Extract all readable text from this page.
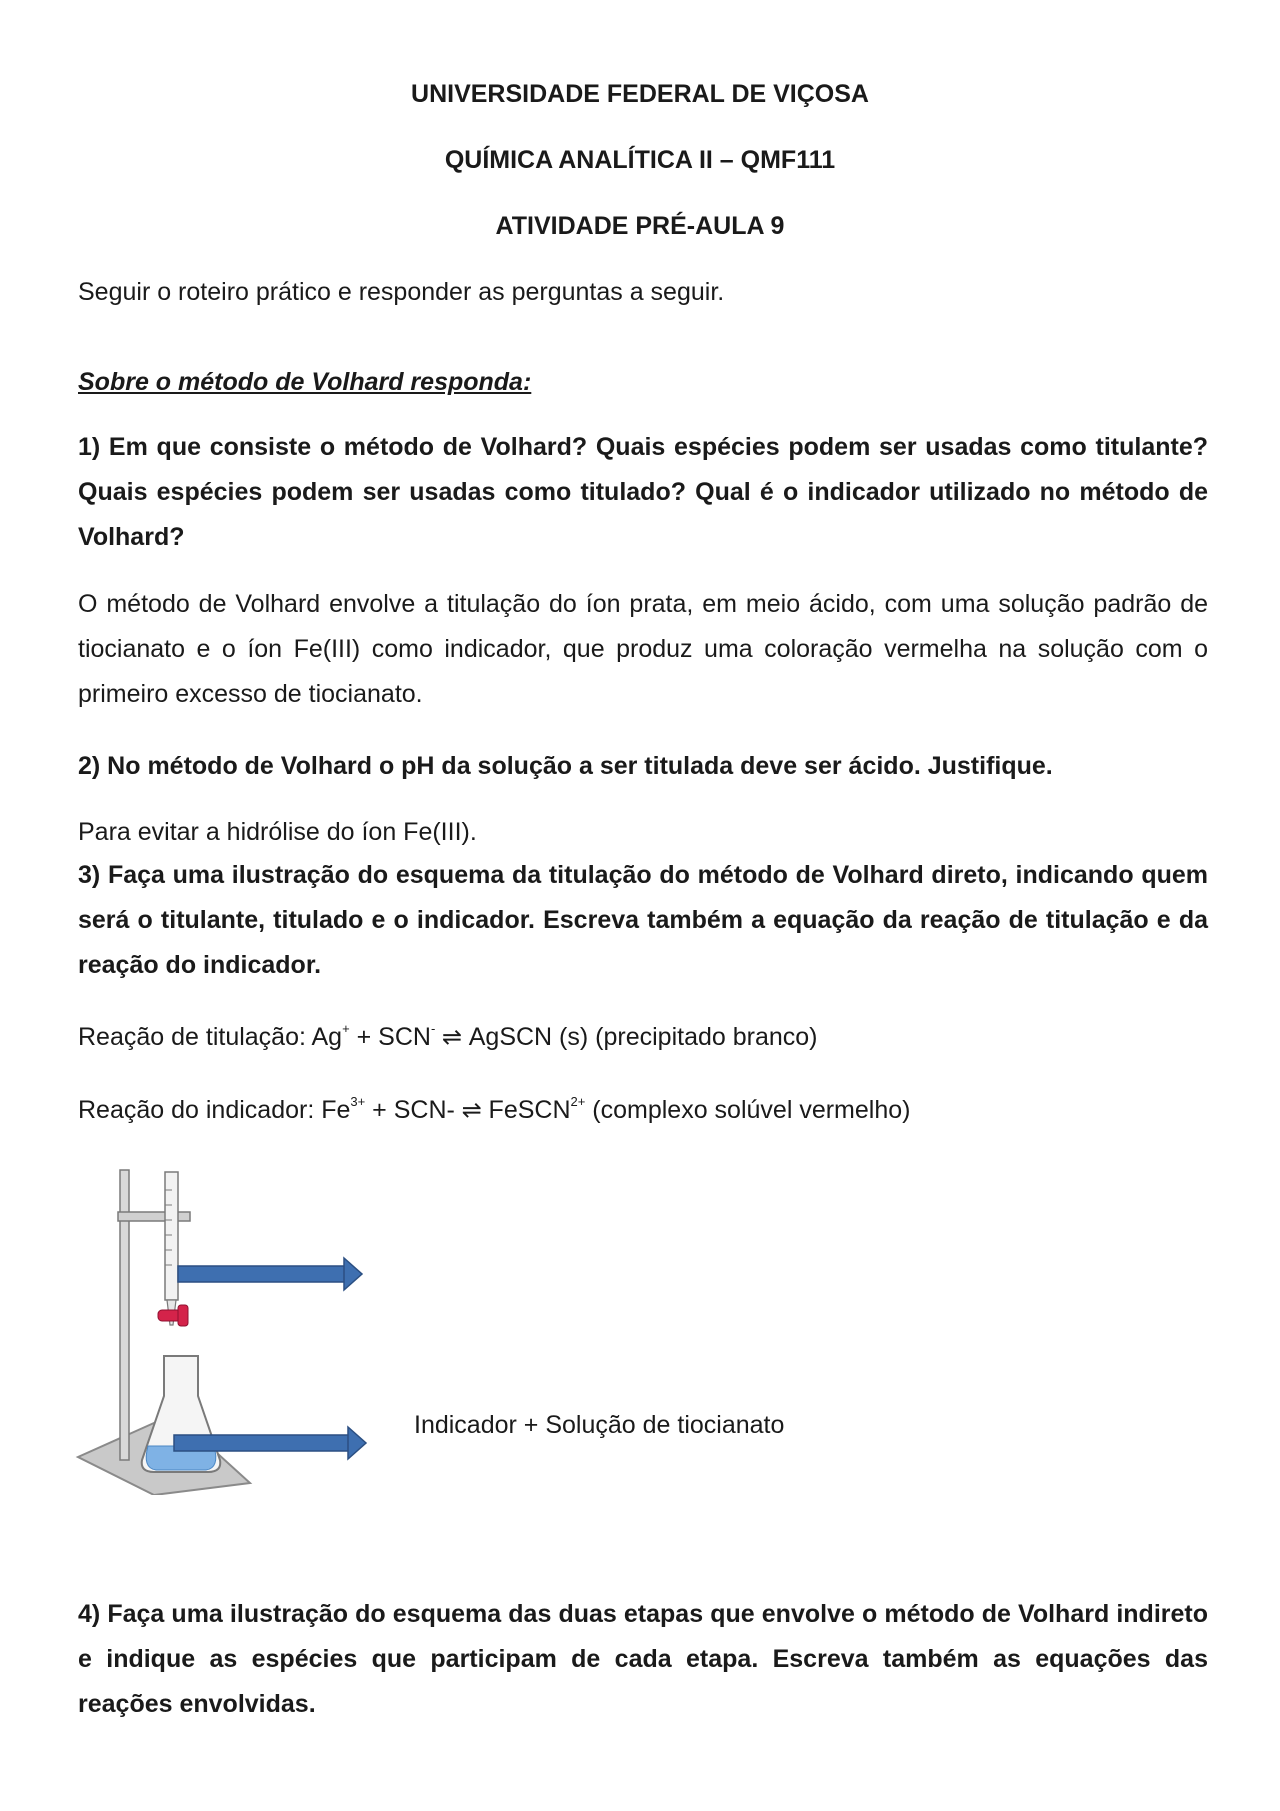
UNIVERSIDADE FEDERAL DE VIÇOSA
QUÍMICA ANALÍTICA II – QMF111
ATIVIDADE PRÉ-AULA 9
Seguir o roteiro prático e responder as perguntas a seguir.
Sobre o método de Volhard responda:
1) Em que consiste o método de Volhard? Quais espécies podem ser usadas como titulante? Quais espécies podem ser usadas como titulado? Qual é o indicador utilizado no método de Volhard?
O método de Volhard envolve a titulação do íon prata, em meio ácido, com uma solução padrão de tiocianato e o íon Fe(III) como indicador, que produz uma coloração vermelha na solução com o primeiro excesso de tiocianato.
2) No método de Volhard o pH da solução a ser titulada deve ser ácido. Justifique.
Para evitar a hidrólise do íon Fe(III).
3) Faça uma ilustração do esquema da titulação do método de Volhard direto, indicando quem será o titulante, titulado e o indicador. Escreva também a equação da reação de titulação e da reação do indicador.
Reação de titulação: Ag+ + SCN- ⇌ AgSCN (s) (precipitado branco)
Reação do indicador: $Fe^{3+} + SCN-$ ⇌ FeSCN$^{2+}$ (complexo solúvel vermelho)
Indicador + Solução de tiocianato
4) Faça uma ilustração do esquema das duas etapas que envolve o método de Volhard indireto e indique as espécies que participam de cada etapa. Escreva também as equações das reações envolvidas.
